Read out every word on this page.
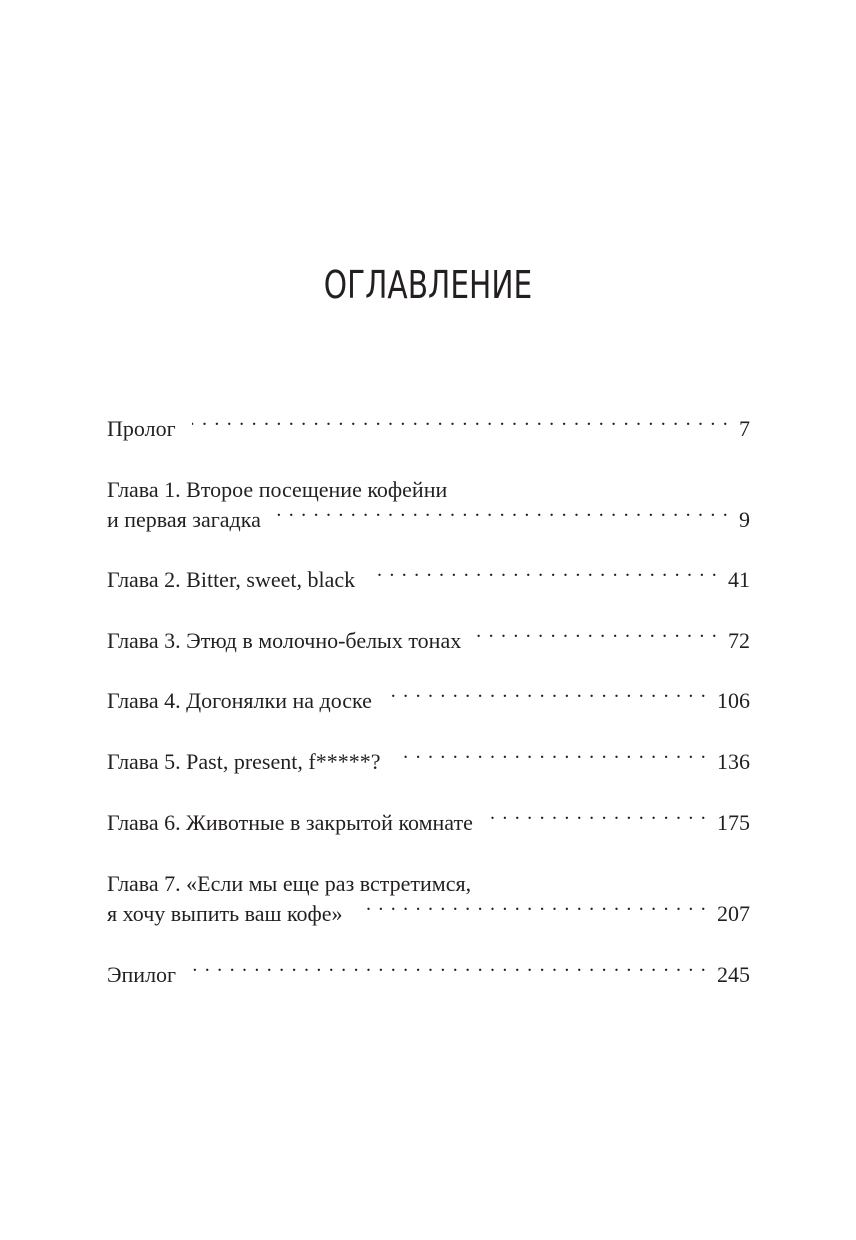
ОГЛАВЛЕНИЕ
Пролог . . .	7
Глава 1. Второе посещение кофейни
и первая загадка . . .	9
Глава 2. Bitter, sweet, black . . .	41
Глава 3. Этюд в молочно-белых тонах . . .	72
Глава 4. Догонялки на доске . . .	106
Глава 5. Past, present, f*****? . . .	136
Глава 6. Животные в закрытой комнате . . .	175
Глава 7. «Если мы еще раз встретимся,
я хочу выпить ваш кофе» . . .	207
Эпилог . . .	245
